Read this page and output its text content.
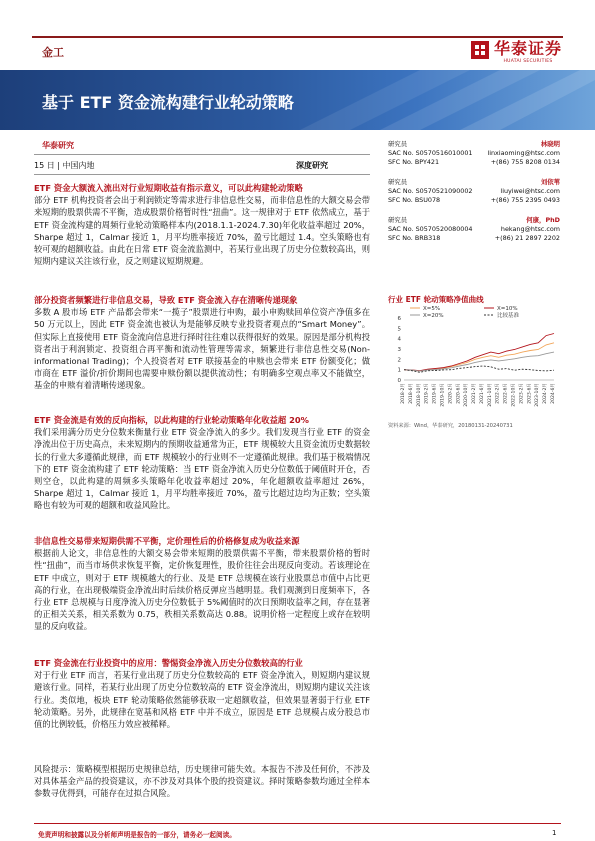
金工	华泰证券
HUATAI SECURITIES
基于 ETF 资金流构建行业轮动策略
华泰研究
15 日 | 中国内地	深度研究
ETF 资金大额流入流出对行业短期收益有指示意义，可以此构建轮动策略
部分 ETF 机构投资者会出于利润锁定等需求进行非信息性交易，而非信息性的大额交易会带来短期的股票供需不平衡，造成股票价格暂时性“扭曲”。这一规律对于 ETF 依然成立，基于 ETF 资金流构建的周频行业轮动策略样本内(2018.1.1-2024.7.30)年化收益率超过 20%，Sharpe 超过 1，Calmar 接近 1，月平均胜率接近 70%，盈亏比超过 1.4。空头策略也有较可观的超额收益。由此在日常 ETF 资金流监测中，若某行业出现了历史分位数较高出，则短期内建议关注该行业，反之则建议短期规避。
部分投资者频繁进行非信息交易，导致 ETF 资金流入存在清晰传递现象
多数 A 股市场 ETF 产品都会带来“一揽子”股票进行申购，最小申购赎回单位资产净值多在 50 万元以上，因此 ETF 资金流也被认为是能够反映专业投资者观点的“Smart Money”。但实际上直接使用 ETF 资金流向信息进行择时往往难以获得很好的效果。原因是部分机构投资者出于利润锁定、投资组合再平衡和流动性管理等需求，频繁进行非信息性交易(Non-informational Trading)；个人投资者对 ETF 联接基金的申赎也会带来 ETF 份额变化；做市商在 ETF 溢价/折价期间也需要申赎份额以提供流动性；有明确多空观点率又不能做空，基金的申赎有着清晰传递现象。
ETF 资金流是有效的反向指标，以此构建的行业轮动策略年化收益超 20%
我们采用满分历史分位数来衡量行业 ETF 资金净流入的多少。我们发现当行业 ETF 的资金净流出位于历史高点，未来短期内的预期收益通常为正，ETF 规模较大且资金流历史数据较长的行业大多遵循此规律，而 ETF 规模较小的行业则不一定遵循此规律。我们基于极端情况下的 ETF 资金流构建了 ETF 轮动策略：当 ETF 资金净流入历史分位数低于阈值时开仓，否则空仓，以此构建的周频多头策略年化收益率超过 20%，年化超额收益率超过 26%，Sharpe 超过 1，Calmar 接近 1，月平均胜率接近 70%，盈亏比超过边均为正数；空头策略也有较为可观的超额和收益风险比。
非信息性交易带来短期供需不平衡，定价理性后的价格修复成为收益来源
根据前人论文，非信息性的大额交易会带来短期的股票供需不平衡，带来股票价格的暂时性“扭曲”，而当市场供求恢复平衡，定价恢复理性，股价往往会出现反向变动。若该理论在 ETF 中成立，则对于 ETF 规模越大的行业、及是 ETF 总规模在该行业股票总市值中占比更高的行业，在出现极端资金净流出时后续价格反弹应当越明显。我们观测到日度频率下，各行业 ETF 总规模与日度净流入历史分位数低于 5%阈值时的次日预期收益率之间，存在显著的正相关关系，相关系数为 0.75，秩相关系数高达 0.88。说明价格一定程度上或存在较明显的反向收益。
ETF 资金流在行业投资中的应用：警惕资金净流入历史分位数较高的行业
对于行业 ETF 而言，若某行业出现了历史分位数较高的 ETF 资金净流入，则短期内建议规避该行业。同样，若某行业出现了历史分位数较高的 ETF 资金净流出，则短期内建议关注该行业。类似地，板块 ETF 轮动策略依然能够获取一定超额收益，但效果显著弱于行业 ETF 轮动策略。另外，此规律在宽基和风格 ETF 中并不成立，原因是 ETF 总规模占成分股总市值的比例较低，价格压力效应被稀释。
风险提示：策略模型根据历史规律总结，历史规律可能失效。本报告不涉及任何价，不涉及对具体基金产品的投资建议，亦不涉及对具体个股的投资建议。择时策略参数均通过全样本参数寻优得到，可能存在过拟合风险。
研究员	林晓明
SAC No. S0570516010001 linxiaoming@htsc.com
SFC No. BPY421	+(86) 755 8208 0134
研究员	刘依苇
SAC No. S0570521090002	liuyiwei@htsc.com
SFC No. BSU078	+(86) 755 2395 0493
研究员	何康，PhD
SAC No. S0570520080004	hekang@htsc.com
SFC No. BRB318	+(86) 21 2897 2202
行业 ETF 轮动策略净值曲线
0
1
2
3
4
5
6
2018-2月 2018-6月 2018-10月 2019-2月 2019-6月 2019-10月 2020-2月 2020-6月 2020-10月 2021-2月 2021-6月 2021-10月 2022-2月 2022-6月 2022-10月 2023-2月 2023-6月 2023-10月 2024-2月 2024-6月
X=5%	X=10%
X=20%	比较基准
资料来源：Wind，华泰研究，20180131-20240731
免责声明和披露以及分析师声明是报告的一部分，请务必一起阅读。	1
